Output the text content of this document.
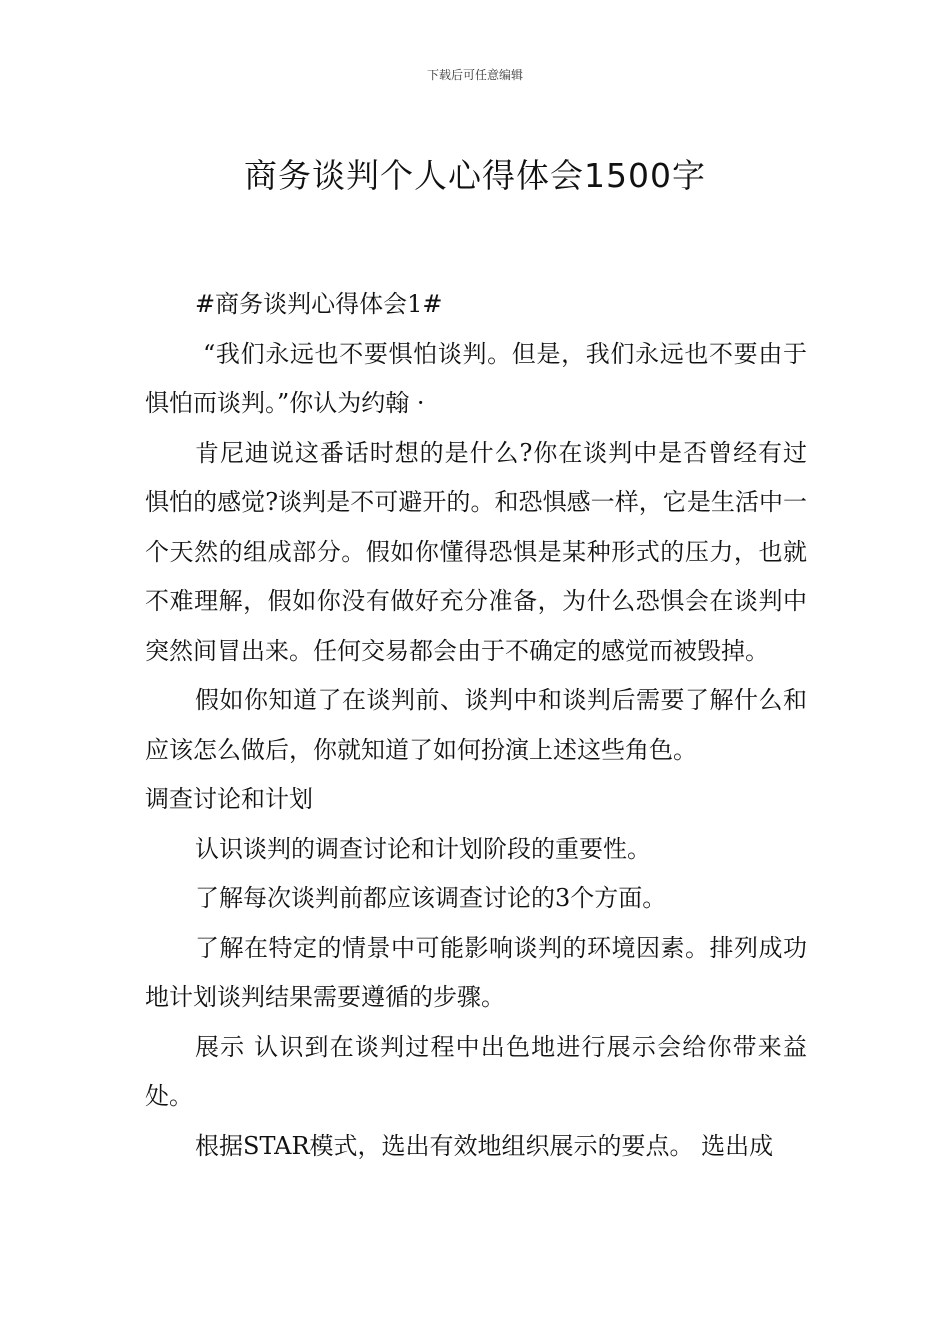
下载后可任意编辑
商务谈判个人心得体会1500字

#商务谈判心得体会1#

“我们永远也不要惧怕谈判。但是，我们永远也不要由于惧怕而谈判。”你认为约翰 ·

肯尼迪说这番话时想的是什么?你在谈判中是否曾经有过惧怕的感觉?谈判是不可避开的。和恐惧感一样，它是生活中一个天然的组成部分。假如你懂得恐惧是某种形式的压力，也就不难理解，假如你没有做好充分准备，为什么恐惧会在谈判中突然间冒出来。任何交易都会由于不确定的感觉而被毁掉。

假如你知道了在谈判前、谈判中和谈判后需要了解什么和应该怎么做后，你就知道了如何扮演上述这些角色。

调查讨论和计划

认识谈判的调查讨论和计划阶段的重要性。

了解每次谈判前都应该调查讨论的3个方面。

了解在特定的情景中可能影响谈判的环境因素。排列成功地计划谈判结果需要遵循的步骤。

展示 认识到在谈判过程中出色地进行展示会给你带来益处。

根据STAR模式，选出有效地组织展示的要点。 选出成
